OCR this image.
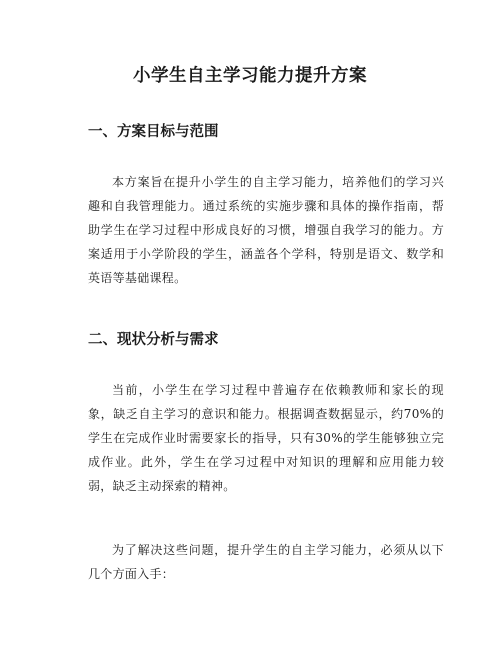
小学生自主学习能力提升方案
一、方案目标与范围

本方案旨在提升小学生的自主学习能力，培养他们的学习兴趣和自我管理能力。通过系统的实施步骤和具体的操作指南，帮助学生在学习过程中形成良好的习惯，增强自我学习的能力。方案适用于小学阶段的学生，涵盖各个学科，特别是语文、数学和英语等基础课程。

二、现状分析与需求

当前，小学生在学习过程中普遍存在依赖教师和家长的现象，缺乏自主学习的意识和能力。根据调查数据显示，约70%的学生在完成作业时需要家长的指导，只有30%的学生能够独立完成作业。此外，学生在学习过程中对知识的理解和应用能力较弱，缺乏主动探索的精神。

为了解决这些问题，提升学生的自主学习能力，必须从以下几个方面入手：
